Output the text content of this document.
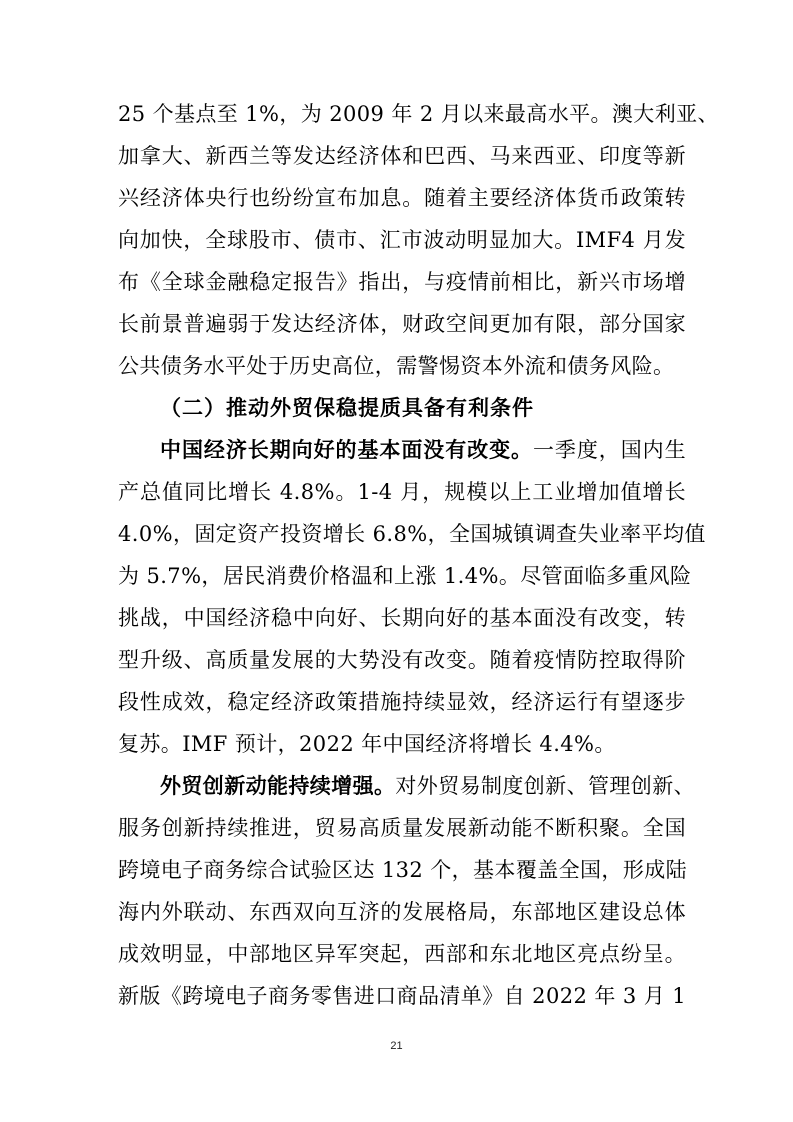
25 个基点至 1%，为 2009 年 2 月以来最高水平。澳大利亚、
加拿大、新西兰等发达经济体和巴西、马来西亚、印度等新
兴经济体央行也纷纷宣布加息。随着主要经济体货币政策转
向加快，全球股市、债市、汇市波动明显加大。IMF4 月发
布《全球金融稳定报告》指出，与疫情前相比，新兴市场增
长前景普遍弱于发达经济体，财政空间更加有限，部分国家
公共债务水平处于历史高位，需警惕资本外流和债务风险。
（二）推动外贸保稳提质具备有利条件
中国经济长期向好的基本面没有改变。一季度，国内生
产总值同比增长 4.8%。1-4 月，规模以上工业增加值增长
4.0%，固定资产投资增长 6.8%，全国城镇调查失业率平均值
为 5.7%，居民消费价格温和上涨 1.4%。尽管面临多重风险
挑战，中国经济稳中向好、长期向好的基本面没有改变，转
型升级、高质量发展的大势没有改变。随着疫情防控取得阶
段性成效，稳定经济政策措施持续显效，经济运行有望逐步
复苏。IMF 预计，2022 年中国经济将增长 4.4%。
外贸创新动能持续增强。对外贸易制度创新、管理创新、
服务创新持续推进，贸易高质量发展新动能不断积聚。全国
跨境电子商务综合试验区达 132 个，基本覆盖全国，形成陆
海内外联动、东西双向互济的发展格局，东部地区建设总体
成效明显，中部地区异军突起，西部和东北地区亮点纷呈。
新版《跨境电子商务零售进口商品清单》自 2022 年 3 月 1
21
